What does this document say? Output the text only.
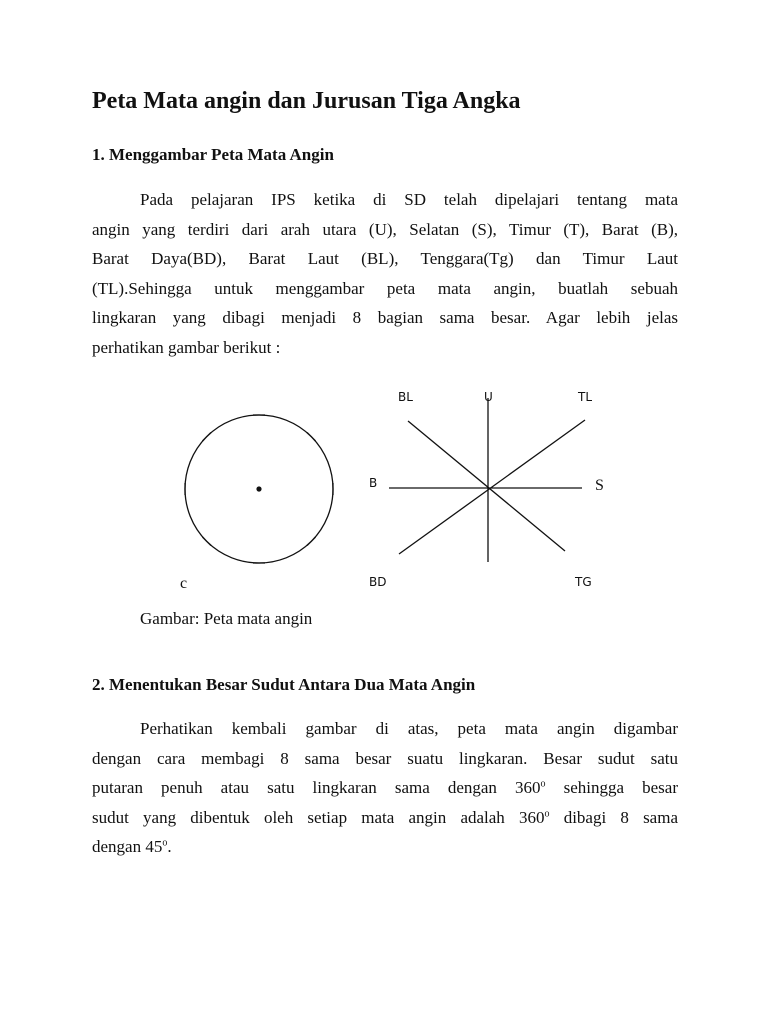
Peta Mata angin dan Jurusan Tiga Angka
1. Menggambar Peta Mata Angin
Pada pelajaran IPS ketika di SD telah dipelajari tentang mata
angin yang terdiri dari arah utara (U), Selatan (S), Timur (T), Barat (B),
Barat Daya(BD), Barat Laut (BL), Tenggara(Tg) dan Timur Laut
(TL).Sehingga untuk menggambar peta mata angin, buatlah sebuah
lingkaran yang dibagi menjadi 8 bagian sama besar. Agar lebih jelas
perhatikan gambar berikut :
c
BL	U	TL
B	S
BD	TG

Gambar: Peta mata angin

2. Menentukan Besar Sudut Antara Dua Mata Angin
Perhatikan kembali gambar di atas, peta mata angin digambar
dengan cara membagi 8 sama besar suatu lingkaran. Besar sudut satu
putaran penuh atau satu lingkaran sama dengan 360$^o$ sehingga besar
sudut yang dibentuk oleh setiap mata angin adalah 360$^o$ dibagi 8 sama
dengan 45$^o$.
